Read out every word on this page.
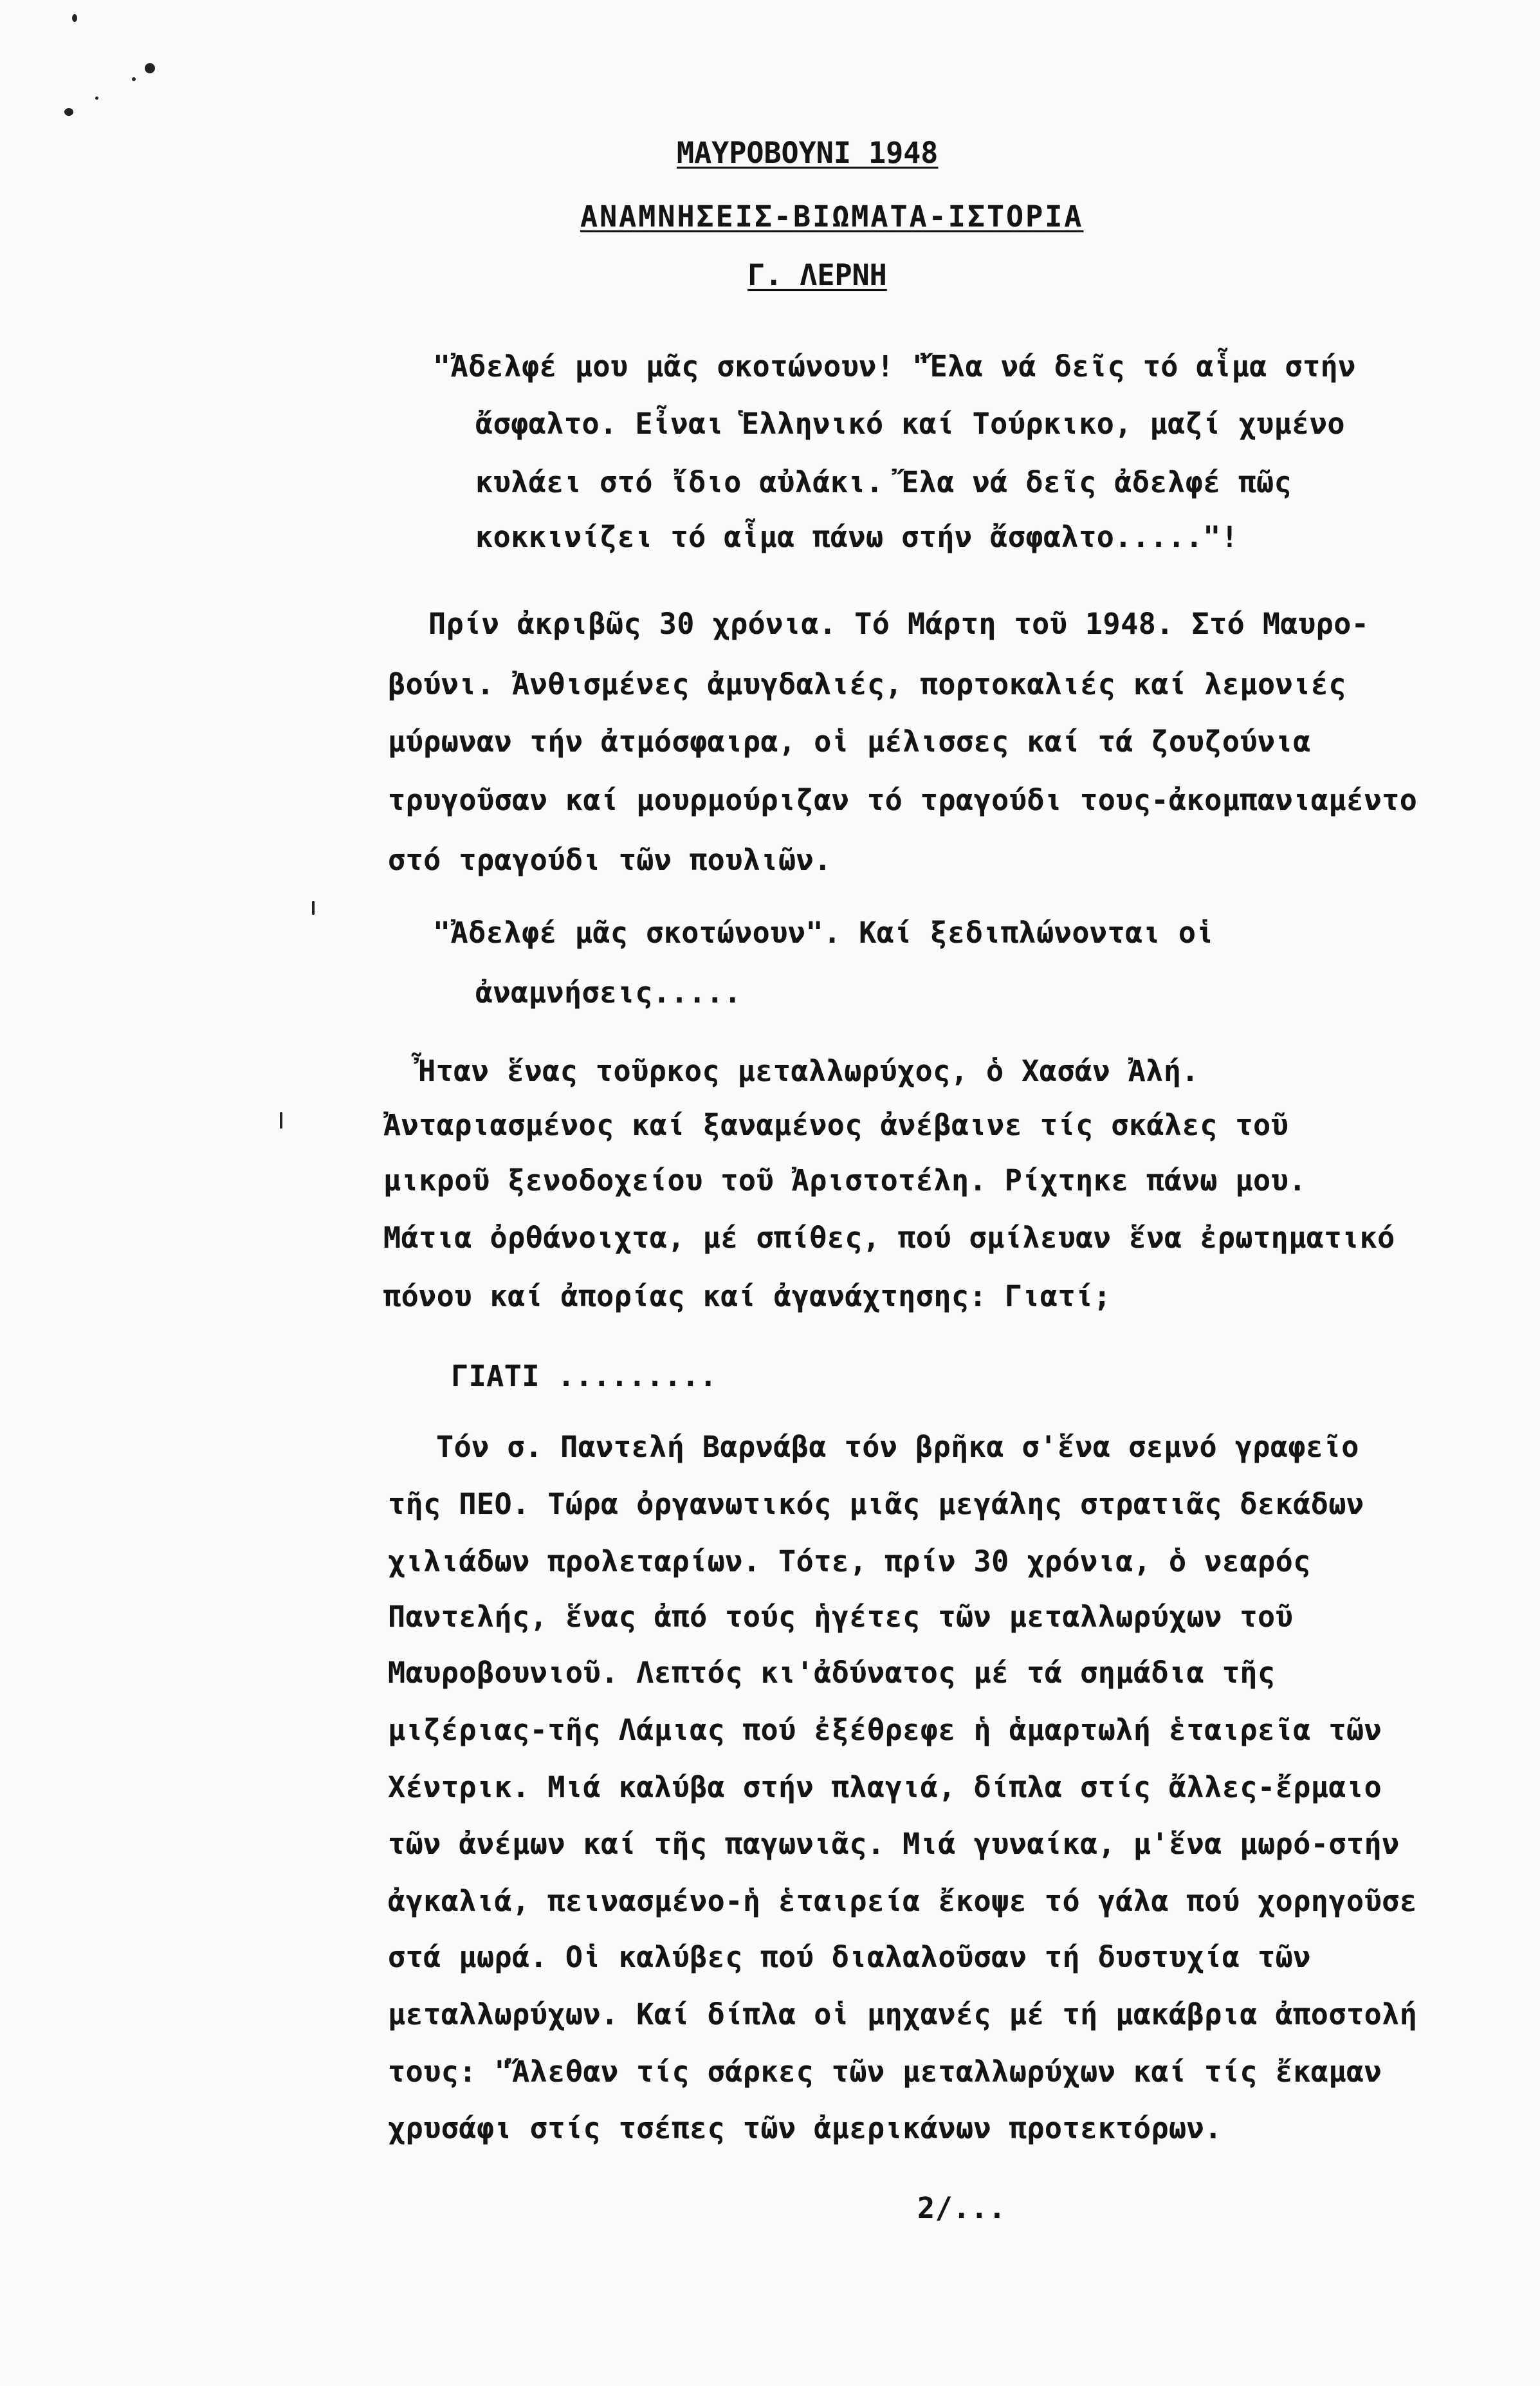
ΜΑΥΡΟΒΟΥΝΙ 1948
ΑΝΑΜΝΗΣΕΙΣ-ΒΙΩΜΑΤΑ-ΙΣΤΟΡΙΑ
Γ. ΛΕΡΝΗ
"Ἀδελφέ μου μᾶς σκοτώνουν! "Ἔλα νά δεῖς τό αἷμα στήν
ἄσφαλτο. Εἶναι Ἑλληνικό καί Τούρκικο, μαζί χυμένο
κυλάει στό ἴδιο αὐλάκι. Ἔλα νά δεῖς ἀδελφέ πῶς
κοκκινίζει τό αἷμα πάνω στήν ἄσφαλτο....."!
Πρίν ἀκριβῶς 30 χρόνια. Τό Μάρτη τοῦ 1948. Στό Μαυρο-
βούνι. Ἀνθισμένες ἀμυγδαλιές, πορτοκαλιές καί λεμονιές
μύρωναν τήν ἀτμόσφαιρα, οἱ μέλισσες καί τά ζουζούνια
τρυγοῦσαν καί μουρμούριζαν τό τραγούδι τους-ἀκομπανιαμέντο
στό τραγούδι τῶν πουλιῶν.
"Ἀδελφέ μᾶς σκοτώνουν". Καί ξεδιπλώνονται οἱ
ἀναμνήσεις.....
Ἦταν ἕνας τοῦρκος μεταλλωρύχος, ὁ Χασάν Ἀλή.
Ἀνταριασμένος καί ξαναμένος ἀνέβαινε τίς σκάλες τοῦ
μικροῦ ξενοδοχείου τοῦ Ἀριστοτέλη. Ρίχτηκε πάνω μου.
Μάτια ὀρθάνοιχτα, μέ σπίθες, πού σμίλευαν ἕνα ἐρωτηματικό
πόνου καί ἀπορίας καί ἀγανάχτησης: Γιατί;
ΓΙΑΤΙ .........
Τόν σ. Παντελή Βαρνάβα τόν βρῆκα σ'ἕνα σεμνό γραφεῖο
τῆς ΠΕΟ. Τώρα ὀργανωτικός μιᾶς μεγάλης στρατιᾶς δεκάδων
χιλιάδων προλεταρίων. Τότε, πρίν 30 χρόνια, ὁ νεαρός
Παντελής, ἕνας ἀπό τούς ἡγέτες τῶν μεταλλωρύχων τοῦ
Μαυροβουνιοῦ. Λεπτός κι'ἀδύνατος μέ τά σημάδια τῆς
μιζέριας-τῆς Λάμιας πού ἐξέθρεφε ἡ ἁμαρτωλή ἑταιρεῖα τῶν
Χέντρικ. Μιά καλύβα στήν πλαγιά, δίπλα στίς ἄλλες-ἔρμαιο
τῶν ἀνέμων καί τῆς παγωνιᾶς. Μιά γυναίκα, μ'ἕνα μωρό-στήν
ἀγκαλιά, πεινασμένο-ἡ ἑταιρεία ἔκοψε τό γάλα πού χορηγοῦσε
στά μωρά. Οἱ καλύβες πού διαλαλοῦσαν τή δυστυχία τῶν
μεταλλωρύχων. Καί δίπλα οἱ μηχανές μέ τή μακάβρια ἀποστολή
τους: "Ἄλεθαν τίς σάρκες τῶν μεταλλωρύχων καί τίς ἔκαμαν
χρυσάφι στίς τσέπες τῶν ἀμερικάνων προτεκτόρων.
2/...
